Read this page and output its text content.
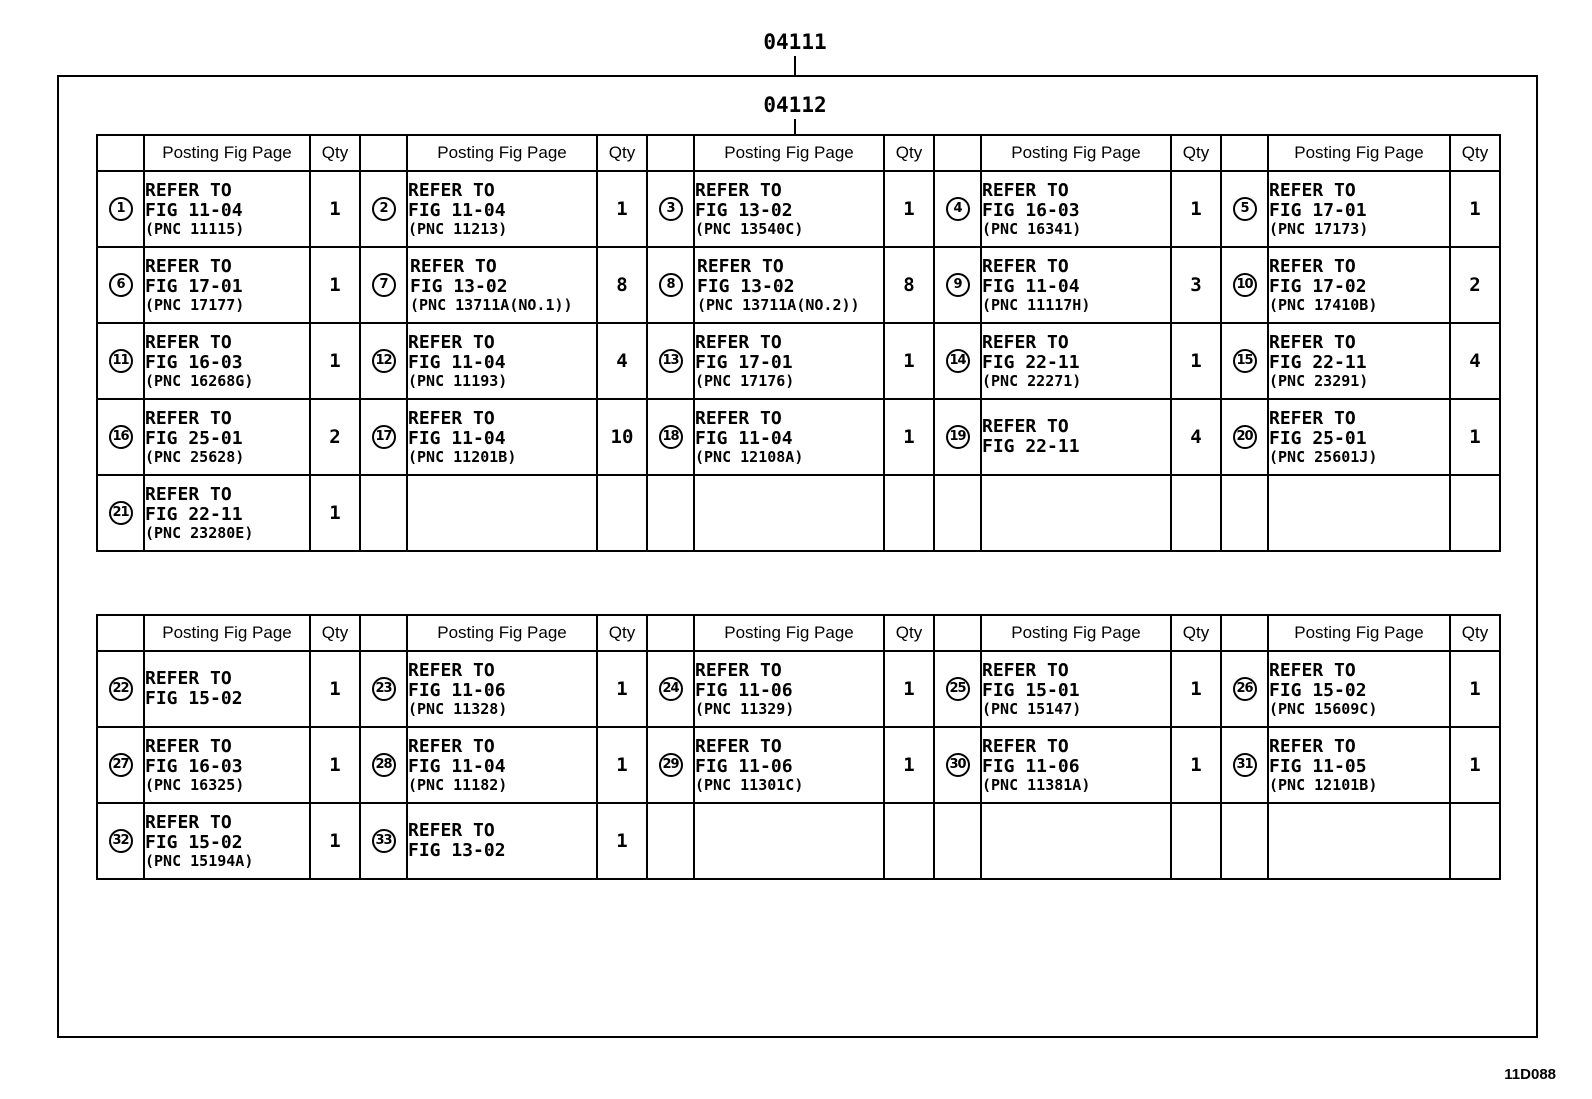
04111
04112
	Posting Fig Page	Qty		Posting Fig Page	Qty		Posting Fig Page	Qty		Posting Fig Page	Qty		Posting Fig Page	Qty
1	REFER TO
FIG 11-04
(PNC 11115)	1	2	REFER TO
FIG 11-04
(PNC 11213)	1	3	REFER TO
FIG 13-02
(PNC 13540C)	1	4	REFER TO
FIG 16-03
(PNC 16341)	1	5	REFER TO
FIG 17-01
(PNC 17173)	1
6	REFER TO
FIG 17-01
(PNC 17177)	1	7	REFER TO
FIG 13-02
(PNC 13711A(NO.1))	8	8	REFER TO
FIG 13-02
(PNC 13711A(NO.2))	8	9	REFER TO
FIG 11-04
(PNC 11117H)	3	10	REFER TO
FIG 17-02
(PNC 17410B)	2
11	REFER TO
FIG 16-03
(PNC 16268G)	1	12	REFER TO
FIG 11-04
(PNC 11193)	4	13	REFER TO
FIG 17-01
(PNC 17176)	1	14	REFER TO
FIG 22-11
(PNC 22271)	1	15	REFER TO
FIG 22-11
(PNC 23291)	4
16	REFER TO
FIG 25-01
(PNC 25628)	2	17	REFER TO
FIG 11-04
(PNC 11201B)	10	18	REFER TO
FIG 11-04
(PNC 12108A)	1	19	REFER TO
FIG 22-11	4	20	REFER TO
FIG 25-01
(PNC 25601J)	1
21	REFER TO
FIG 22-11
(PNC 23280E)	1												
	Posting Fig Page	Qty		Posting Fig Page	Qty		Posting Fig Page	Qty		Posting Fig Page	Qty		Posting Fig Page	Qty
22	REFER TO
FIG 15-02	1	23	REFER TO
FIG 11-06
(PNC 11328)	1	24	REFER TO
FIG 11-06
(PNC 11329)	1	25	REFER TO
FIG 15-01
(PNC 15147)	1	26	REFER TO
FIG 15-02
(PNC 15609C)	1
27	REFER TO
FIG 16-03
(PNC 16325)	1	28	REFER TO
FIG 11-04
(PNC 11182)	1	29	REFER TO
FIG 11-06
(PNC 11301C)	1	30	REFER TO
FIG 11-06
(PNC 11381A)	1	31	REFER TO
FIG 11-05
(PNC 12101B)	1
32	REFER TO
FIG 15-02
(PNC 15194A)	1	33	REFER TO
FIG 13-02	1									
11D088
